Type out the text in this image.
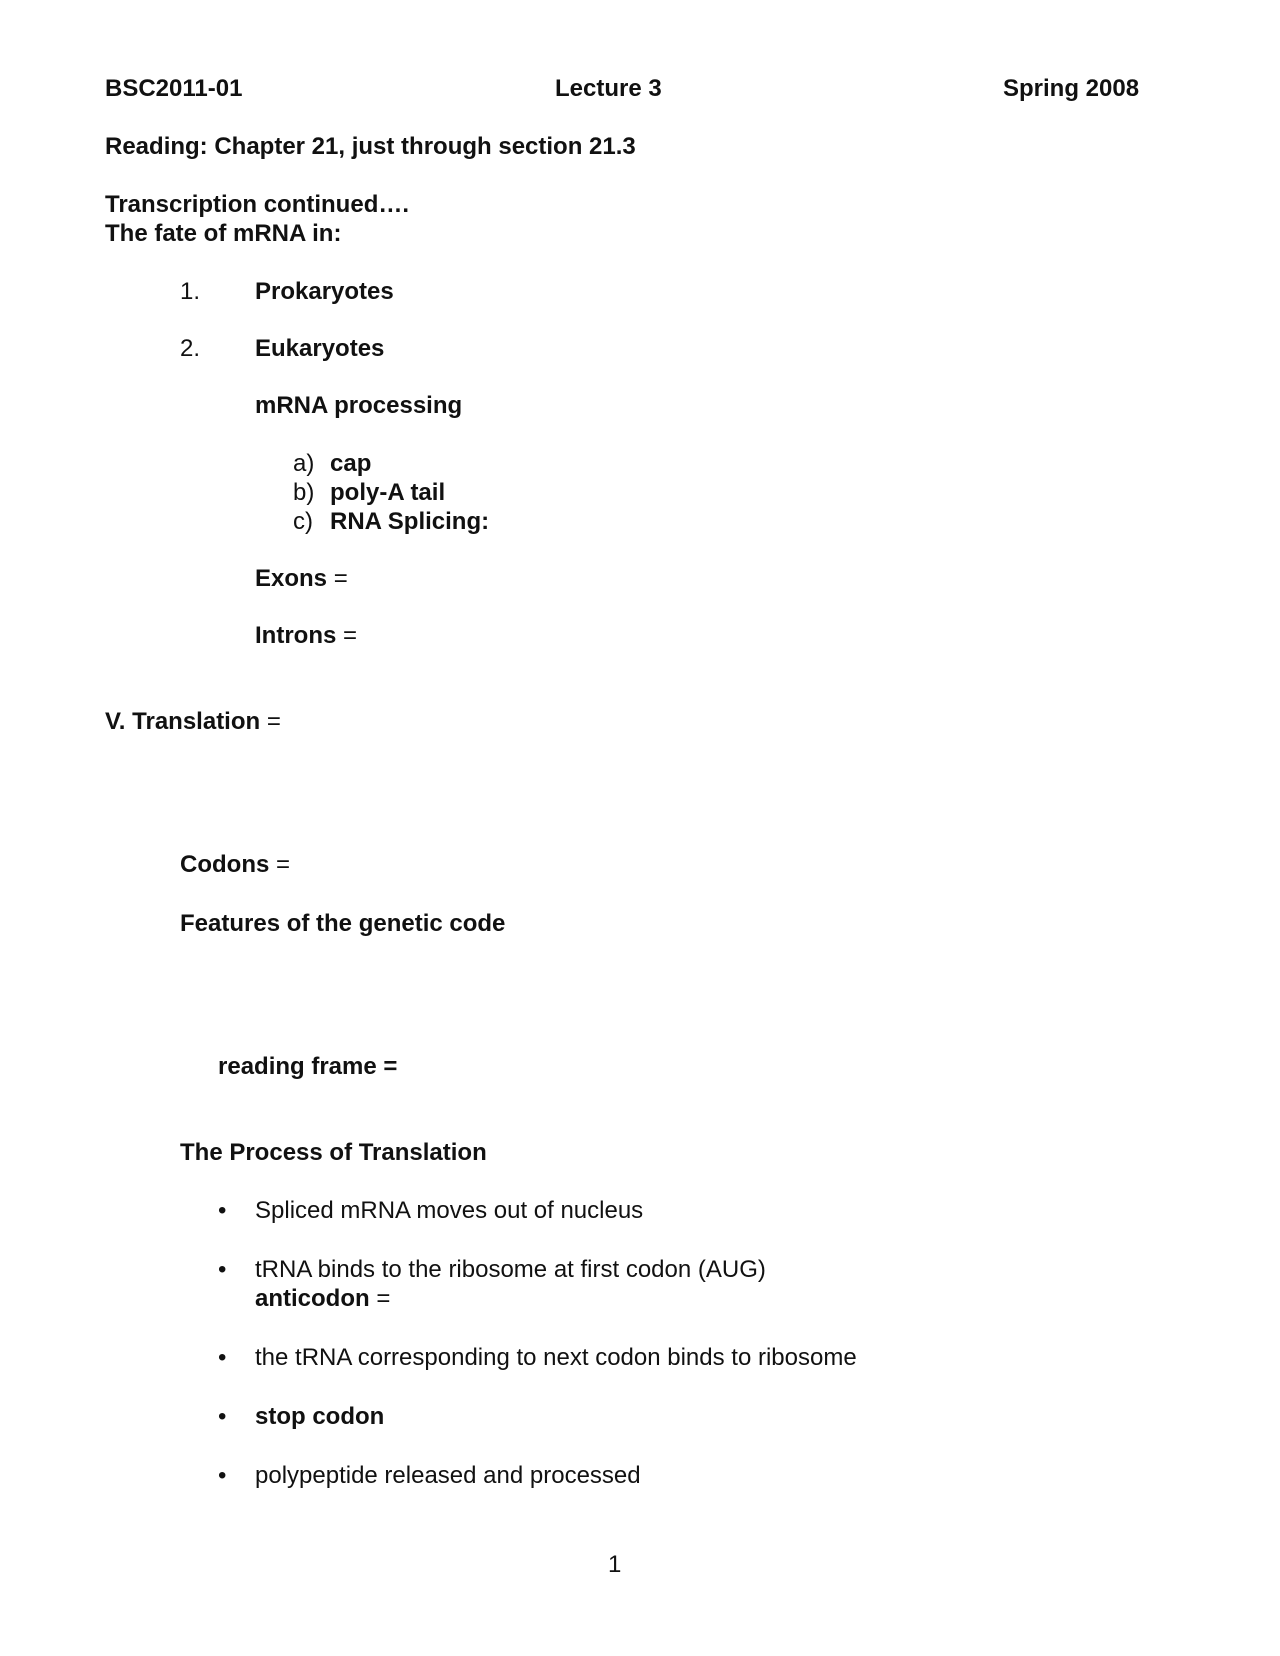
BSC2011-01	Lecture 3	Spring 2008
Reading: Chapter 21, just through section 21.3
Transcription continued….
The fate of mRNA in:
1. Prokaryotes
2. Eukaryotes
mRNA processing
a) cap
b) poly-A tail
c) RNA Splicing:
Exons =
Introns =
V. Translation =
Codons =
Features of the genetic code
reading frame =
The Process of Translation
• Spliced mRNA moves out of nucleus
• tRNA binds to the ribosome at first codon (AUG)
anticodon =
• the tRNA corresponding to next codon binds to ribosome
• stop codon
• polypeptide released and processed
1
